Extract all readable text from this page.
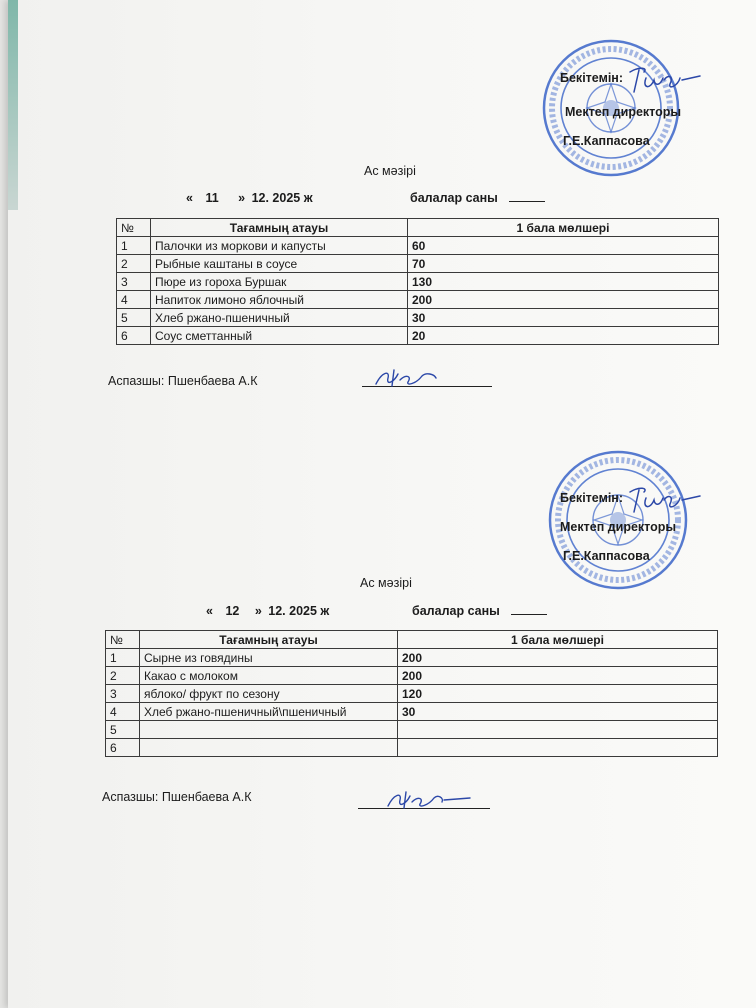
Бекітемін:
Мектеп директоры
Г.Е.Каппасова
Ас мәзірі
« 11 » 12. 2025 ж	балалар саны
№	Тағамның атауы	1 бала мөлшері
1	Палочки из моркови и капусты	60
2	Рыбные каштаны в соусе	70
3	Пюре из гороха Буршак	130
4	Напиток лимоно яблочный	200
5	Хлеб ржано-пшеничный	30
6	Соус сметтанный	20
Аспазшы: Пшенбаева А.К
Бекітемін:
Мектеп директоры
Г.Е.Каппасова
Ас мәзірі
« 12 » 12. 2025 ж	балалар саны
№	Тағамның атауы	1 бала мөлшері
1	Сырне из говядины	200
2	Какао с молоком	200
3	яблоко/ фрукт по сезону	120
4	Хлеб ржано-пшеничный\пшеничный	30
5		
6		
Аспазшы: Пшенбаева А.К
